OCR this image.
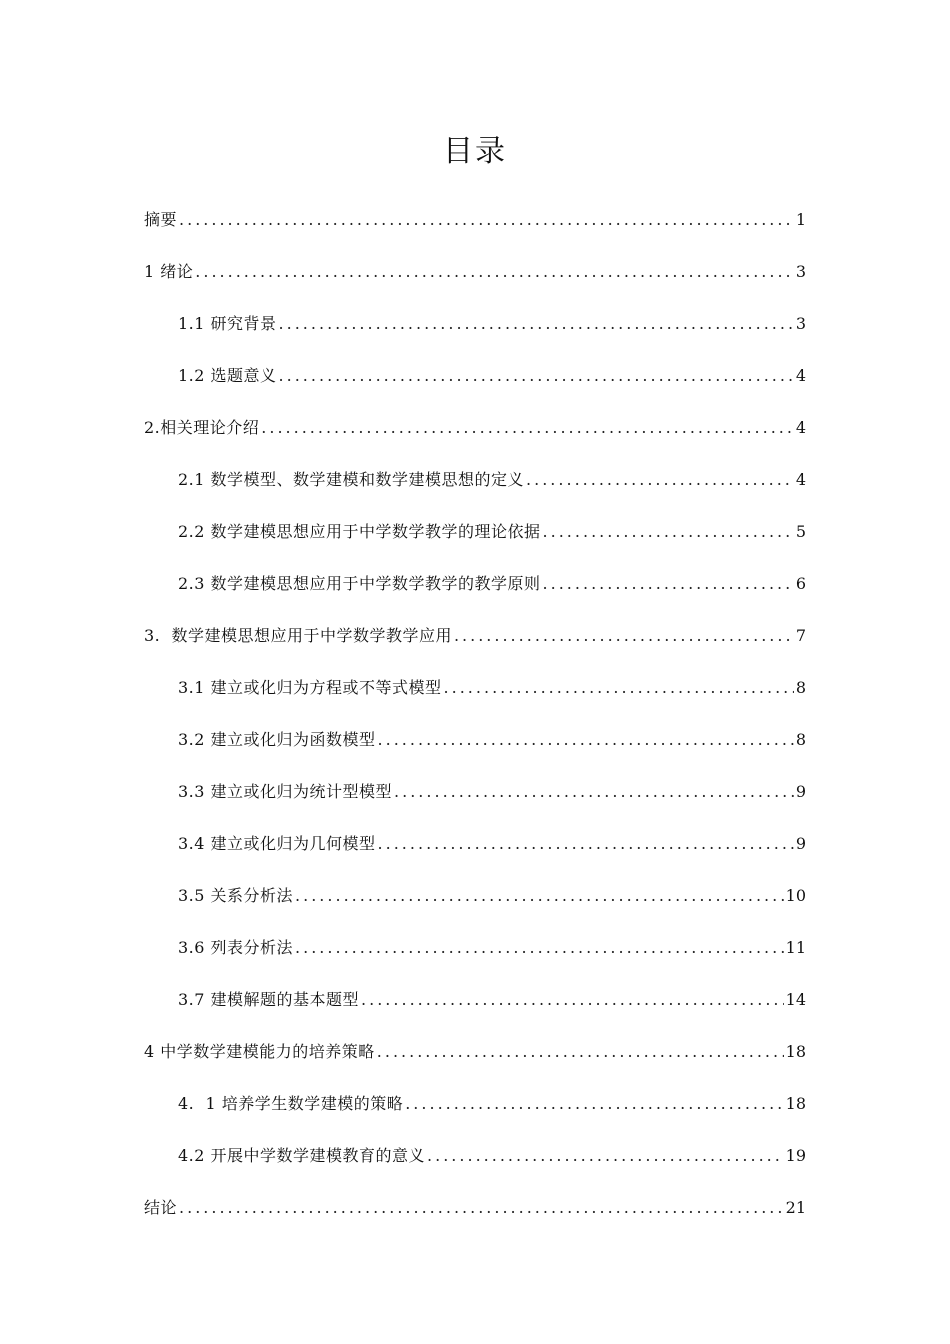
目录
摘要 .....	1
1 绪论 .....	3
1.1 研究背景 .....	3
1.2 选题意义 .....	4
2.相关理论介绍 .....	4
2.1 数学模型、数学建模和数学建模思想的定义 .....	4
2.2 数学建模思想应用于中学数学教学的理论依据 .....	5
2.3 数学建模思想应用于中学数学教学的教学原则 .....	6
3.  数学建模思想应用于中学数学教学应用 .....	7
3.1 建立或化归为方程或不等式模型 .....	8
3.2 建立或化归为函数模型 .....	8
3.3 建立或化归为统计型模型 .....	9
3.4 建立或化归为几何模型 .....	9
3.5 关系分析法 .....	10
3.6 列表分析法 .....	11
3.7 建模解题的基本题型 .....	14
4 中学数学建模能力的培养策略 .....	18
4.  1 培养学生数学建模的策略 .....	18
4.2 开展中学数学建模教育的意义 .....	19
结论 .....	21
